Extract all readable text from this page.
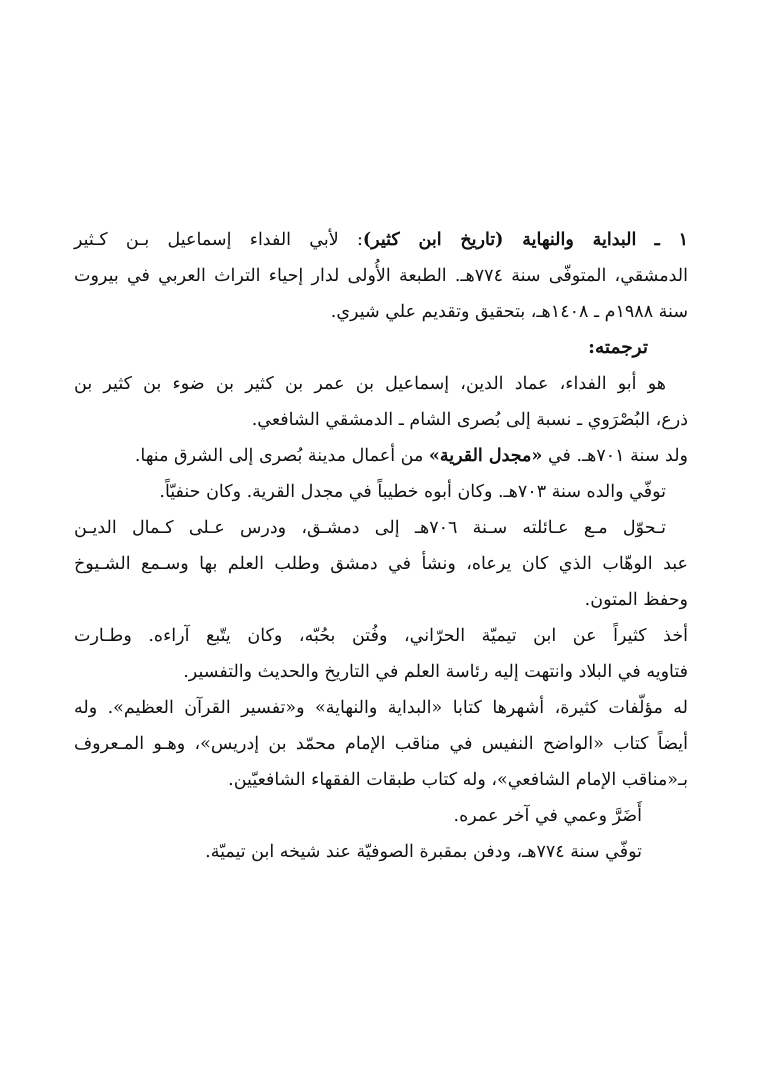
١ ـ البداية والنهاية (تاريخ ابن كثير): لأبي الفداء إسماعيل بـن كـثير
الدمشقي، المتوفّى سنة ٧٧٤هـ. الطبعة الأُولى لدار إحياء التراث العربي في بيروت
سنة ١٩٨٨م ـ ١٤٠٨هـ، بتحقيق وتقديم علي شيري.
ترجمته:
هو أبو الفداء، عماد الدين، إسماعيل بن عمر بن كثير بن ضوء بن كثير بن
ذرع، البُصْرَوي ـ نسبة إلى بُصرى الشام ـ الدمشقي الشافعي.
ولد سنة ٧٠١هـ. في «مجدل القرية» من أعمال مدينة بُصرى إلى الشرق منها.
توفّي والده سنة ٧٠٣هـ. وكان أبوه خطيباً في مجدل القرية. وكان حنفيّاً.
تـحوّل مـع عـائلته سـنة ٧٠٦هـ إلى دمشـق، ودرس عـلى كـمال الديـن
عبد الوهّاب الذي كان يرعاه، ونشأ في دمشق وطلب العلم بها وسـمع الشـيوخ
وحفظ المتون.
أخذ كثيراً عن ابن تيميّة الحرّاني، وفُتن بحُبّه، وكان يتّبع آراءه. وطـارت
فتاويه في البلاد وانتهت إليه رئاسة العلم في التاريخ والحديث والتفسير.
له مؤلّفات كثيرة، أشهرها كتابا «البداية والنهاية» و«تفسير القرآن العظيم». وله
أيضاً كتاب «الواضح النفيس في مناقب الإمام محمّد بن إدريس»، وهـو المـعروف
بـ«مناقب الإمام الشافعي»، وله كتاب طبقات الفقهاء الشافعيّين.
أَضَرَّ وعمي في آخر عمره.
توفّي سنة ٧٧٤هـ، ودفن بمقبرة الصوفيّة عند شيخه ابن تيميّة.
